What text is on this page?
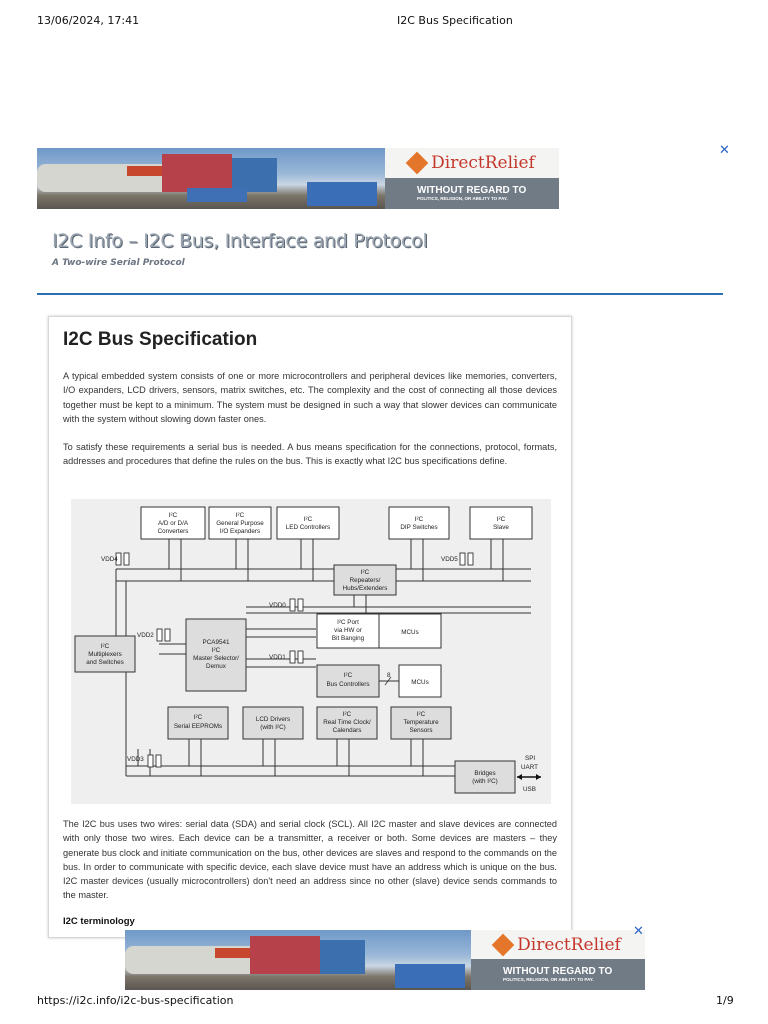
13/06/2024, 17:41	I2C Bus Specification
DirectRelief
WITHOUT REGARD TO
POLITICS, RELIGION, OR ABILITY TO PAY.
✕
I2C Info – I2C Bus, Interface and Protocol
A Two-wire Serial Protocol
I2C Bus Specification

A typical embedded system consists of one or more microcontrollers and peripheral devices like memories, converters, I/O expanders, LCD drivers, sensors, matrix switches, etc. The complexity and the cost of connecting all those devices together must be kept to a minimum. The system must be designed in such a way that slower devices can communicate with the system without slowing down faster ones.

To satisfy these requirements a serial bus is needed. A bus means specification for the connections, protocol, formats, addresses and procedures that define the rules on the bus. This is exactly what I2C bus specifications define.

VDD4	VDD5
VDD0
VDD2
VDD1
VDD3
I²C
A/D or D/A
Converters
I²C
General Purpose
I/O Expanders
I²C
LED Controllers
I²C
DIP Switches
I²C
Slave
I²C
Repeaters/
Hubs/Extenders
I²C
Multiplexers
and Switches
PCA9541
I²C
Master Selector/
Demux
I²C Port
via HW or
Bit Banging
MCUs
I²C
Bus Controllers
8
MCUs
I²C
Serial EEPROMs
LCD Drivers
(with I²C)
I²C
Real Time Clock/
Calendars
I²C
Temperature
Sensors
Bridges
(with I²C)
SPI
UART
USB

The I2C bus uses two wires: serial data (SDA) and serial clock (SCL). All I2C master and slave devices are connected with only those two wires. Each device can be a transmitter, a receiver or both. Some devices are masters – they generate bus clock and initiate communication on the bus, other devices are slaves and respond to the commands on the bus. In order to communicate with specific device, each slave device must have an address which is unique on the bus. I2C master devices (usually microcontrollers) don't need an address since no other (slave) device sends commands to the master.

I2C terminology
DirectRelief
WITHOUT REGARD TO
POLITICS, RELIGION, OR ABILITY TO PAY.
✕
https://i2c.info/i2c-bus-specification	1/9
